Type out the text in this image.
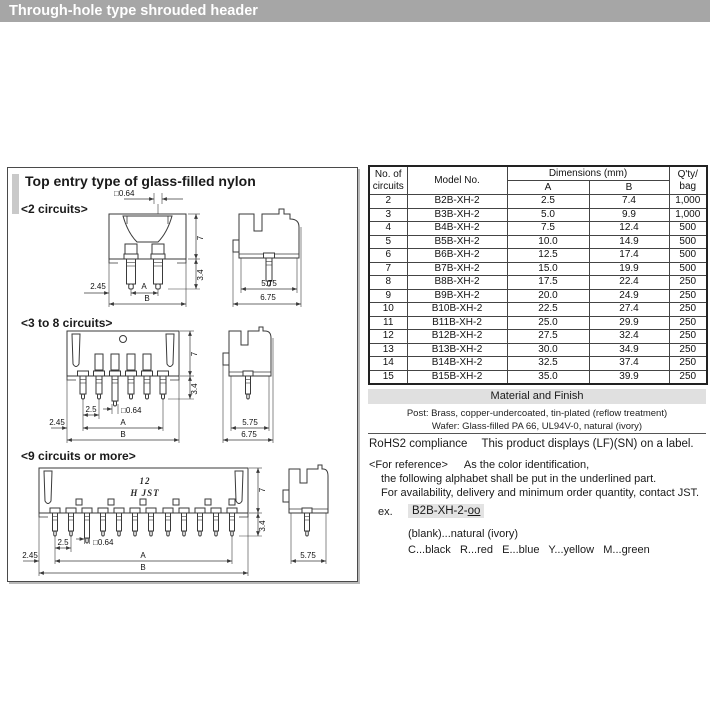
Through-hole type shrouded header
Top entry type of glass-filled nylon
<2 circuits>
<3 to 8 circuits>
<9 circuits or more>
□0.64
7
3.4
A
2.45
B
5.75
6.75
2.5	□0.64
A
2.45
B
7
3.4
5.75
6.75
12
H JST
2.5	□0.64
A
2.45
B
7
3.4
5.75
No. of circuits	Model No.	Dimensions (mm)		Q'ty/ bag
		A	B	
2	B2B-XH-2	2.5	7.4	1,000
3	B3B-XH-2	5.0	9.9	1,000
4	B4B-XH-2	7.5	12.4	500
5	B5B-XH-2	10.0	14.9	500
6	B6B-XH-2	12.5	17.4	500
7	B7B-XH-2	15.0	19.9	500
8	B8B-XH-2	17.5	22.4	250
9	B9B-XH-2	20.0	24.9	250
10	B10B-XH-2	22.5	27.4	250
11	B11B-XH-2	25.0	29.9	250
12	B12B-XH-2	27.5	32.4	250
13	B13B-XH-2	30.0	34.9	250
14	B14B-XH-2	32.5	37.4	250
15	B15B-XH-2	35.0	39.9	250
Material and Finish
Post: Brass, copper-undercoated, tin-plated (reflow treatment)
Wafer: Glass-filled PA 66, UL94V-0, natural (ivory)
RoHS2 compliance This product displays (LF)(SN) on a label.
<For reference> As the color identification,
the following alphabet shall be put in the underlined part.
For availability, delivery and minimum order quantity, contact JST.
ex.	B2B-XH-2-oo
(blank)...natural (ivory)
C...black   R...red   E...blue   Y...yellow   M...green
